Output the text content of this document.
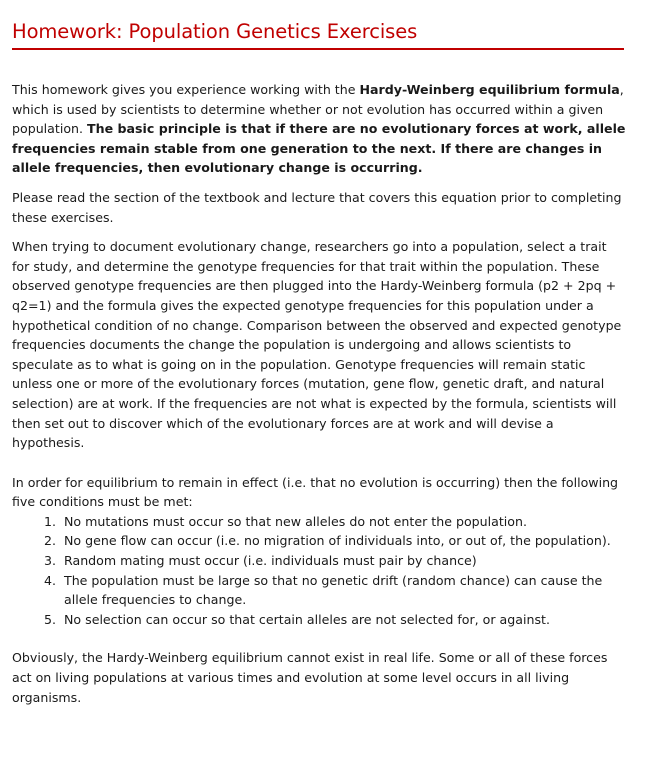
Homework: Population Genetics Exercises

This homework gives you experience working with the Hardy-Weinberg equilibrium formula, which is used by scientists to determine whether or not evolution has occurred within a given population. The basic principle is that if there are no evolutionary forces at work, allele frequencies remain stable from one generation to the next. If there are changes in allele frequencies, then evolutionary change is occurring.

Please read the section of the textbook and lecture that covers this equation prior to completing these exercises.

When trying to document evolutionary change, researchers go into a population, select a trait for study, and determine the genotype frequencies for that trait within the population. These observed genotype frequencies are then plugged into the Hardy-Weinberg formula (p2 + 2pq + q2=1) and the formula gives the expected genotype frequencies for this population under a hypothetical condition of no change. Comparison between the observed and expected genotype frequencies documents the change the population is undergoing and allows scientists to speculate as to what is going on in the population. Genotype frequencies will remain static unless one or more of the evolutionary forces (mutation, gene flow, genetic draft, and natural selection) are at work. If the frequencies are not what is expected by the formula, scientists will then set out to discover which of the evolutionary forces are at work and will devise a hypothesis.

In order for equilibrium to remain in effect (i.e. that no evolution is occurring) then the following five conditions must be met:

1. No mutations must occur so that new alleles do not enter the population.
2. No gene flow can occur (i.e. no migration of individuals into, or out of, the population).
3. Random mating must occur (i.e. individuals must pair by chance)
4. The population must be large so that no genetic drift (random chance) can cause the allele frequencies to change.
5. No selection can occur so that certain alleles are not selected for, or against.

Obviously, the Hardy-Weinberg equilibrium cannot exist in real life. Some or all of these forces act on living populations at various times and evolution at some level occurs in all living organisms.
